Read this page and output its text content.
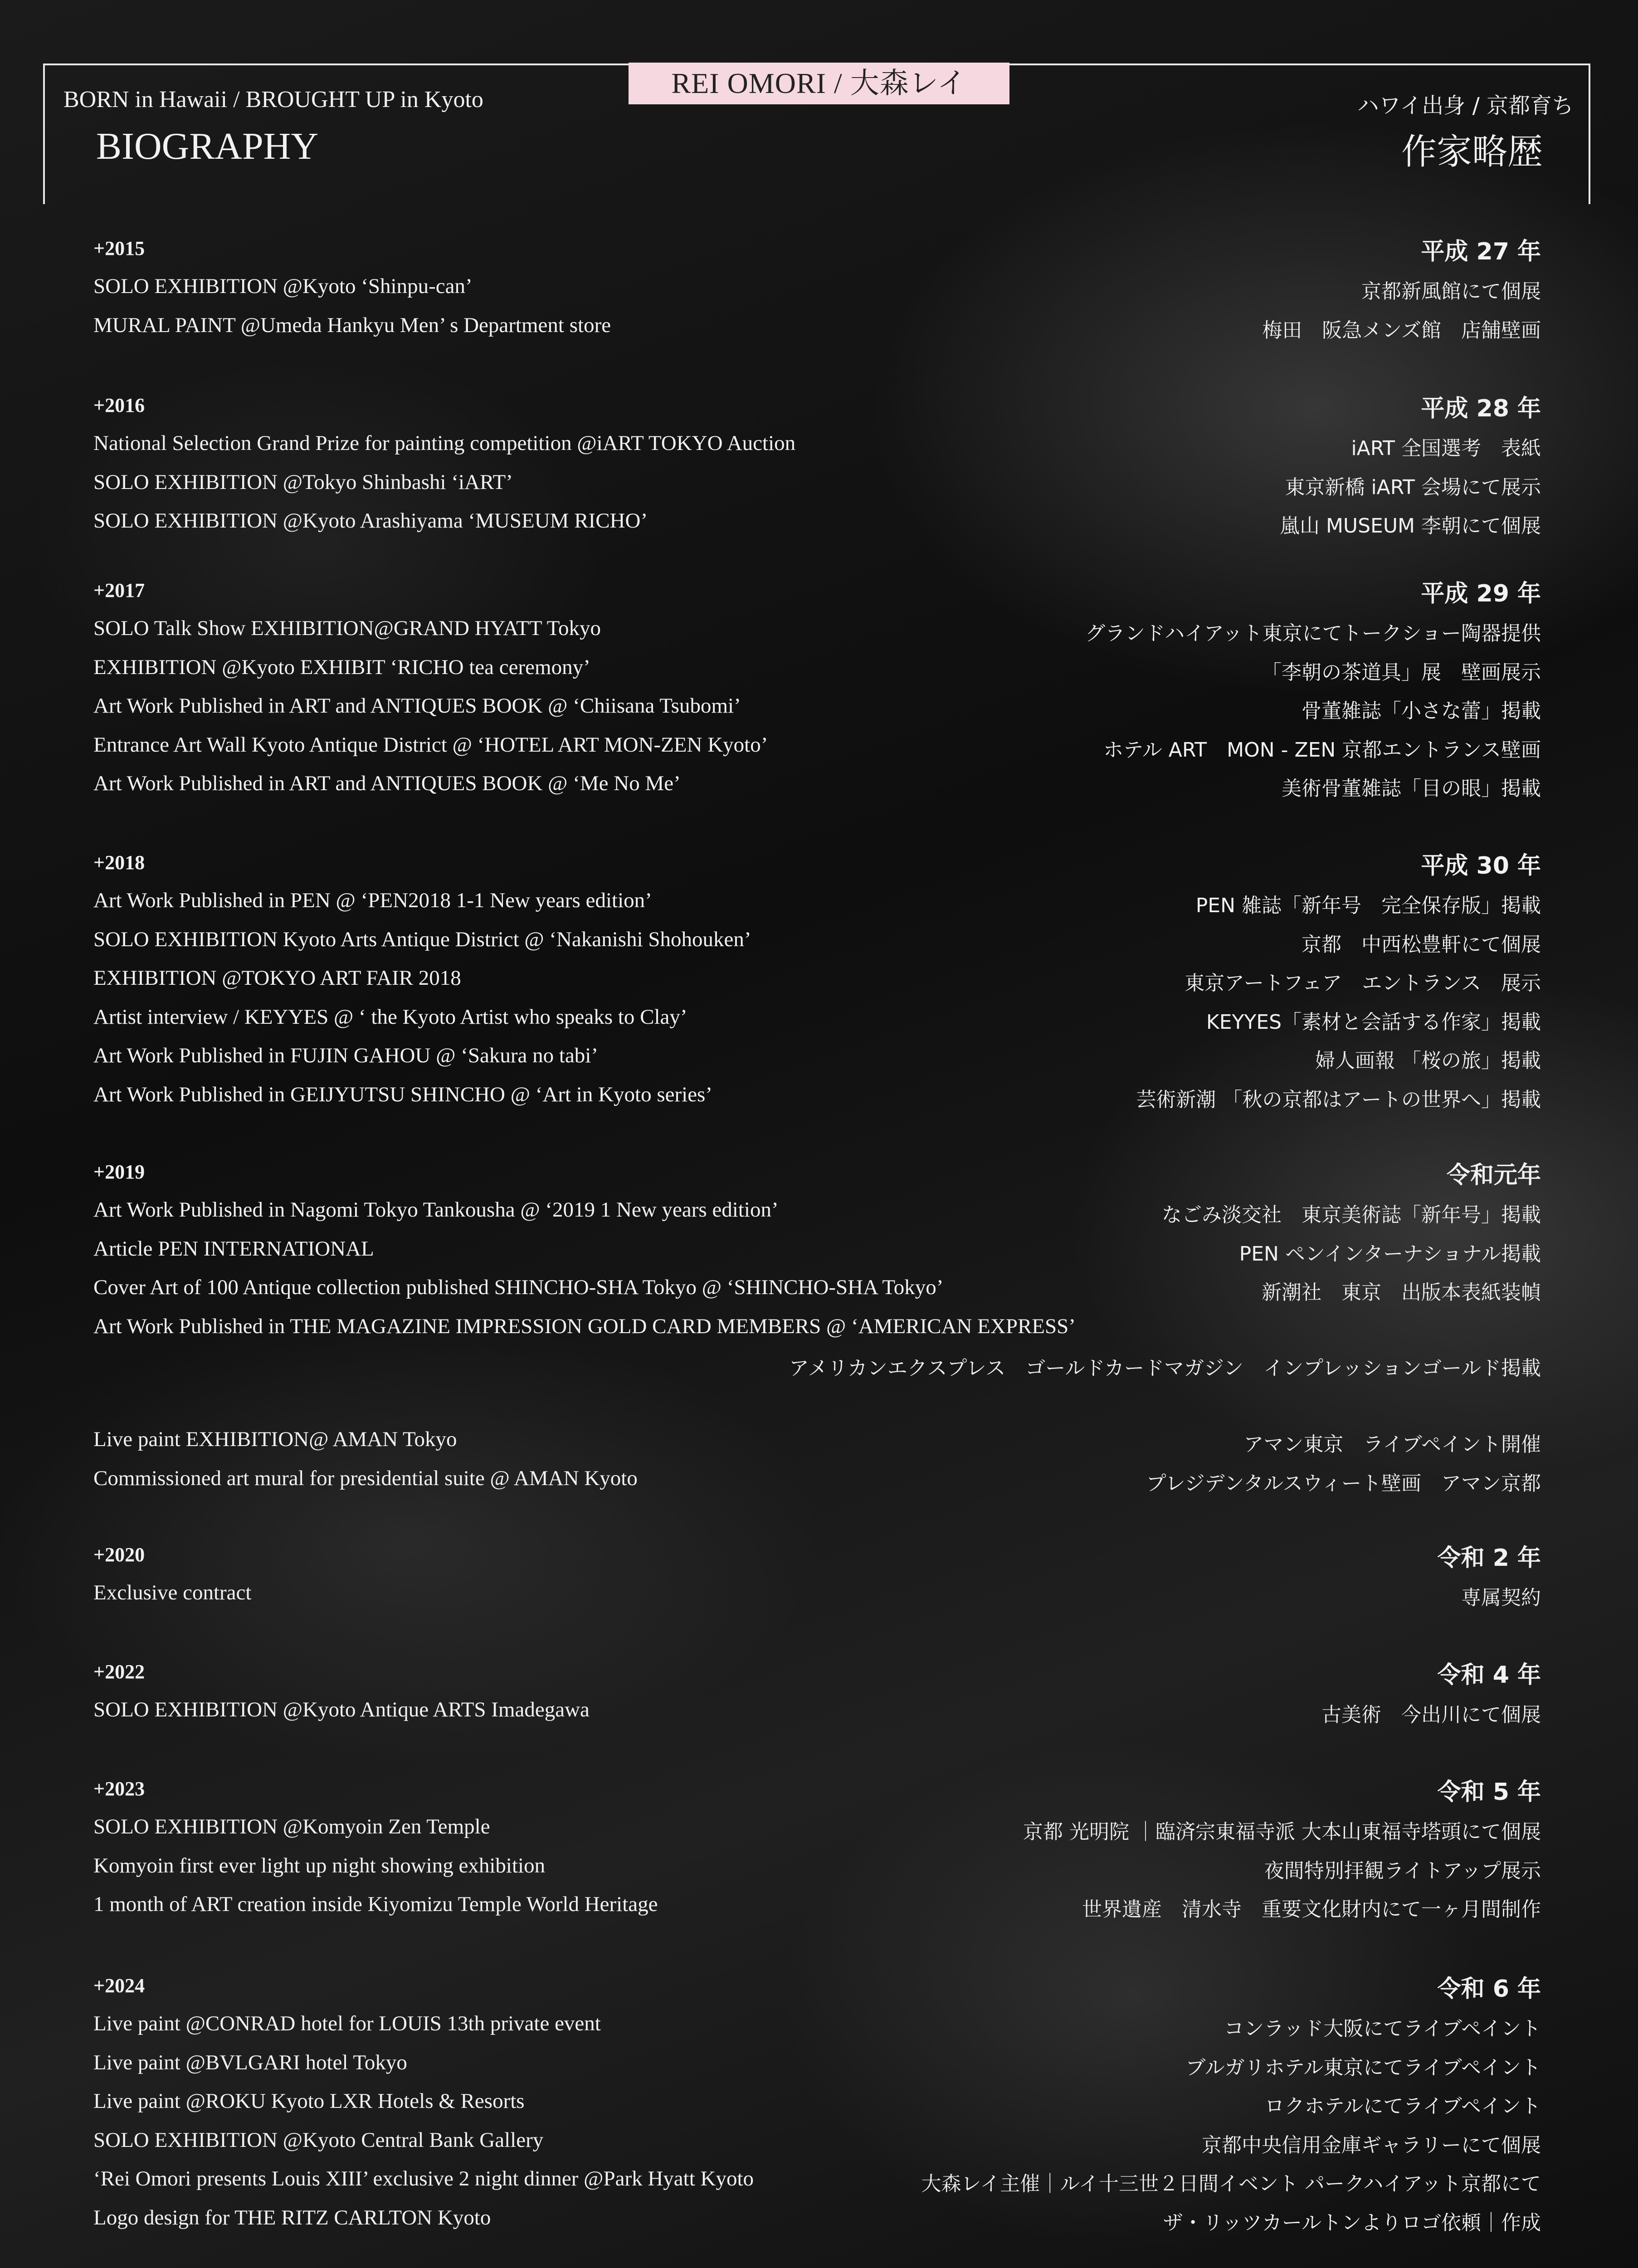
REI OMORI / 大森レイ
BORN in Hawaii / BROUGHT UP in Kyoto
BIOGRAPHY
ハワイ出身 / 京都育ち
作家略歴
+2015	平成 27 年
SOLO EXHIBITION @Kyoto ‘Shinpu-can’	京都新風館にて個展
MURAL PAINT @Umeda Hankyu Men’ s Department store	梅田　阪急メンズ館　店舗壁画
+2016	平成 28 年
National Selection Grand Prize for painting competition @iART TOKYO Auction	iART 全国選考　表紙
SOLO EXHIBITION @Tokyo Shinbashi ‘iART’	東京新橋 iART 会場にて展示
SOLO EXHIBITION @Kyoto Arashiyama ‘MUSEUM RICHO’	嵐山 MUSEUM 李朝にて個展
+2017	平成 29 年
SOLO Talk Show EXHIBITION@GRAND HYATT Tokyo	グランドハイアット東京にてトークショー陶器提供
EXHIBITION @Kyoto EXHIBIT ‘RICHO tea ceremony’	「李朝の茶道具」展　壁画展示
Art Work Published in ART and ANTIQUES BOOK @ ‘Chiisana Tsubomi’	骨董雑誌「小さな蕾」掲載
Entrance Art Wall Kyoto Antique District @ ‘HOTEL ART MON-ZEN Kyoto’	ホテル ART　MON - ZEN 京都エントランス壁画
Art Work Published in ART and ANTIQUES BOOK @ ‘Me No Me’	美術骨董雑誌「目の眼」掲載
+2018	平成 30 年
Art Work Published in PEN @ ‘PEN2018 1-1 New years edition’	PEN 雑誌「新年号　完全保存版」掲載
SOLO EXHIBITION Kyoto Arts Antique District @ ‘Nakanishi Shohouken’	京都　中西松豊軒にて個展
EXHIBITION @TOKYO ART FAIR 2018	東京アートフェア　エントランス　展示
Artist interview / KEYYES @ ‘ the Kyoto Artist who speaks to Clay’	KEYYES「素材と会話する作家」掲載
Art Work Published in FUJIN GAHOU @ ‘Sakura no tabi’	婦人画報 「桜の旅」掲載
Art Work Published in GEIJYUTSU SHINCHO @ ‘Art in Kyoto series’	芸術新潮 「秋の京都はアートの世界へ」掲載
+2019	令和元年
Art Work Published in Nagomi Tokyo Tankousha @ ‘2019 1 New years edition’	なごみ淡交社　東京美術誌「新年号」掲載
Article PEN INTERNATIONAL	PEN ペンインターナショナル掲載
Cover Art of 100 Antique collection published SHINCHO-SHA Tokyo @ ‘SHINCHO-SHA Tokyo’	新潮社　東京　出版本表紙装幀
Art Work Published in THE MAGAZINE IMPRESSION GOLD CARD MEMBERS @ ‘AMERICAN EXPRESS’
アメリカンエクスプレス　ゴールドカードマガジン　インプレッションゴールド掲載
Live paint EXHIBITION@ AMAN Tokyo	アマン東京　ライブペイント開催
Commissioned art mural for presidential suite @ AMAN Kyoto	プレジデンタルスウィート壁画　アマン京都
+2020	令和 2 年
Exclusive contract	専属契約
+2022	令和 4 年
SOLO EXHIBITION @Kyoto Antique ARTS Imadegawa	古美術　今出川にて個展
+2023	令和 5 年
SOLO EXHIBITION @Komyoin Zen Temple	京都 光明院 ｜臨済宗東福寺派 大本山東福寺塔頭にて個展
Komyoin first ever light up night showing exhibition	夜間特別拝観ライトアップ展示
1 month of ART creation inside Kiyomizu Temple World Heritage	世界遺産　清水寺　重要文化財内にて一ヶ月間制作
+2024	令和 6 年
Live paint @CONRAD hotel for LOUIS 13th private event	コンラッド大阪にてライブペイント
Live paint @BVLGARI hotel Tokyo	ブルガリホテル東京にてライブペイント
Live paint @ROKU Kyoto LXR Hotels & Resorts	ロクホテルにてライブペイント
SOLO EXHIBITION @Kyoto Central Bank Gallery	京都中央信用金庫ギャラリーにて個展
‘Rei Omori presents Louis XIII’ exclusive 2 night dinner @Park Hyatt Kyoto	大森レイ主催｜ルイ十三世２日間イベント パークハイアット京都にて
Logo design for THE RITZ CARLTON Kyoto	ザ・リッツカールトンよりロゴ依頼｜作成
